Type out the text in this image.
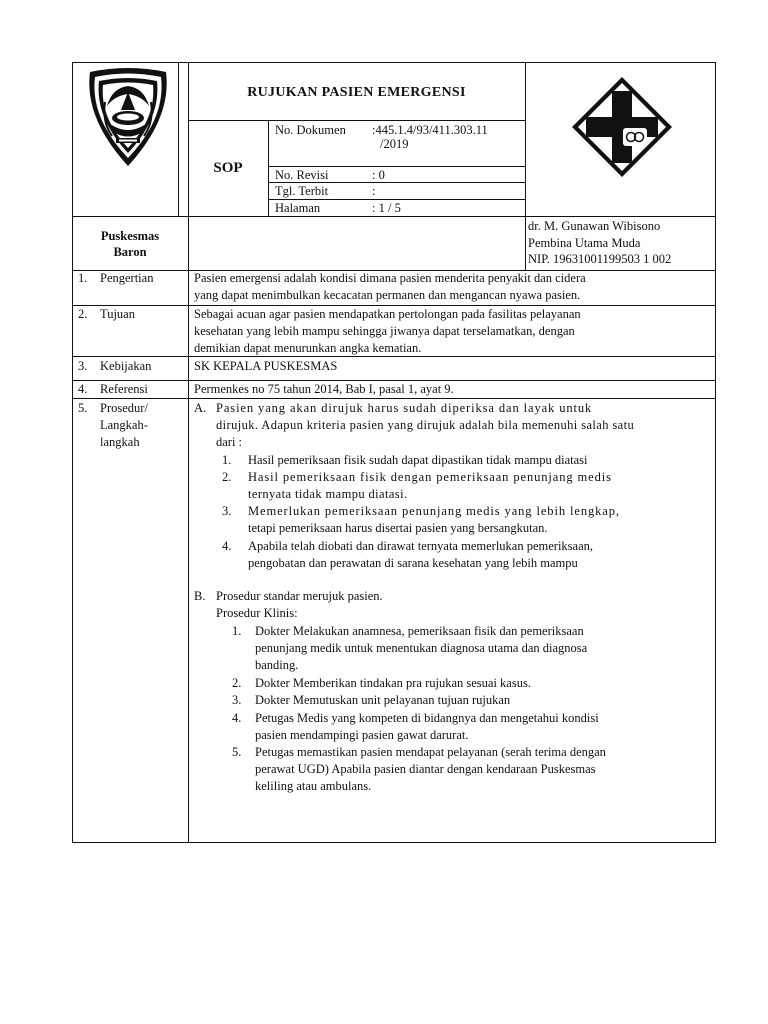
RUJUKAN PASIEN EMERGENSI
SOP
No. Dokumen :445.1.4/93/411.303.11
/2019
No. Revisi	: 0
Tgl. Terbit	:
Halaman	: 1 / 5
Puskesmas
Baron
dr. M. Gunawan Wibisono
Pembina Utama Muda
NIP. 19631001199503 1 002
1. Pengertian	Pasien emergensi adalah kondisi dimana pasien menderita penyakit dan cidera
yang dapat menimbulkan kecacatan permanen dan mengancan nyawa pasien.
2. Tujuan	Sebagai acuan agar pasien mendapatkan pertolongan pada fasilitas pelayanan
kesehatan yang lebih mampu sehingga jiwanya dapat terselamatkan, dengan
demikian dapat menurunkan angka kematian.
3. Kebijakan	SK KEPALA PUSKESMAS
4. Referensi	Permenkes no 75 tahun 2014, Bab I, pasal 1, ayat 9.
5. Prosedur/
Langkah-
langkah
A. Pasien yang akan dirujuk harus sudah diperiksa dan layak untuk
dirujuk. Adapun kriteria pasien yang dirujuk adalah bila memenuhi salah satu
dari :
1. Hasil pemeriksaan fisik sudah dapat dipastikan tidak mampu diatasi
2. Hasil pemeriksaan fisik dengan pemeriksaan penunjang medis
ternyata tidak mampu diatasi.
3. Memerlukan pemeriksaan penunjang medis yang lebih lengkap,
tetapi pemeriksaan harus disertai pasien yang bersangkutan.
4. Apabila telah diobati dan dirawat ternyata memerlukan pemeriksaan,
pengobatan dan perawatan di sarana kesehatan yang lebih mampu
B. Prosedur standar merujuk pasien.
Prosedur Klinis:
1. Dokter Melakukan anamnesa, pemeriksaan fisik dan pemeriksaan
penunjang medik untuk menentukan diagnosa utama dan diagnosa
banding.
2. Dokter Memberikan tindakan pra rujukan sesuai kasus.
3. Dokter Memutuskan unit pelayanan tujuan rujukan
4. Petugas Medis yang kompeten di bidangnya dan mengetahui kondisi
pasien mendampingi pasien gawat darurat.
5. Petugas memastikan pasien mendapat pelayanan (serah terima dengan
perawat UGD) Apabila pasien diantar dengan kendaraan Puskesmas
keliling atau ambulans.
